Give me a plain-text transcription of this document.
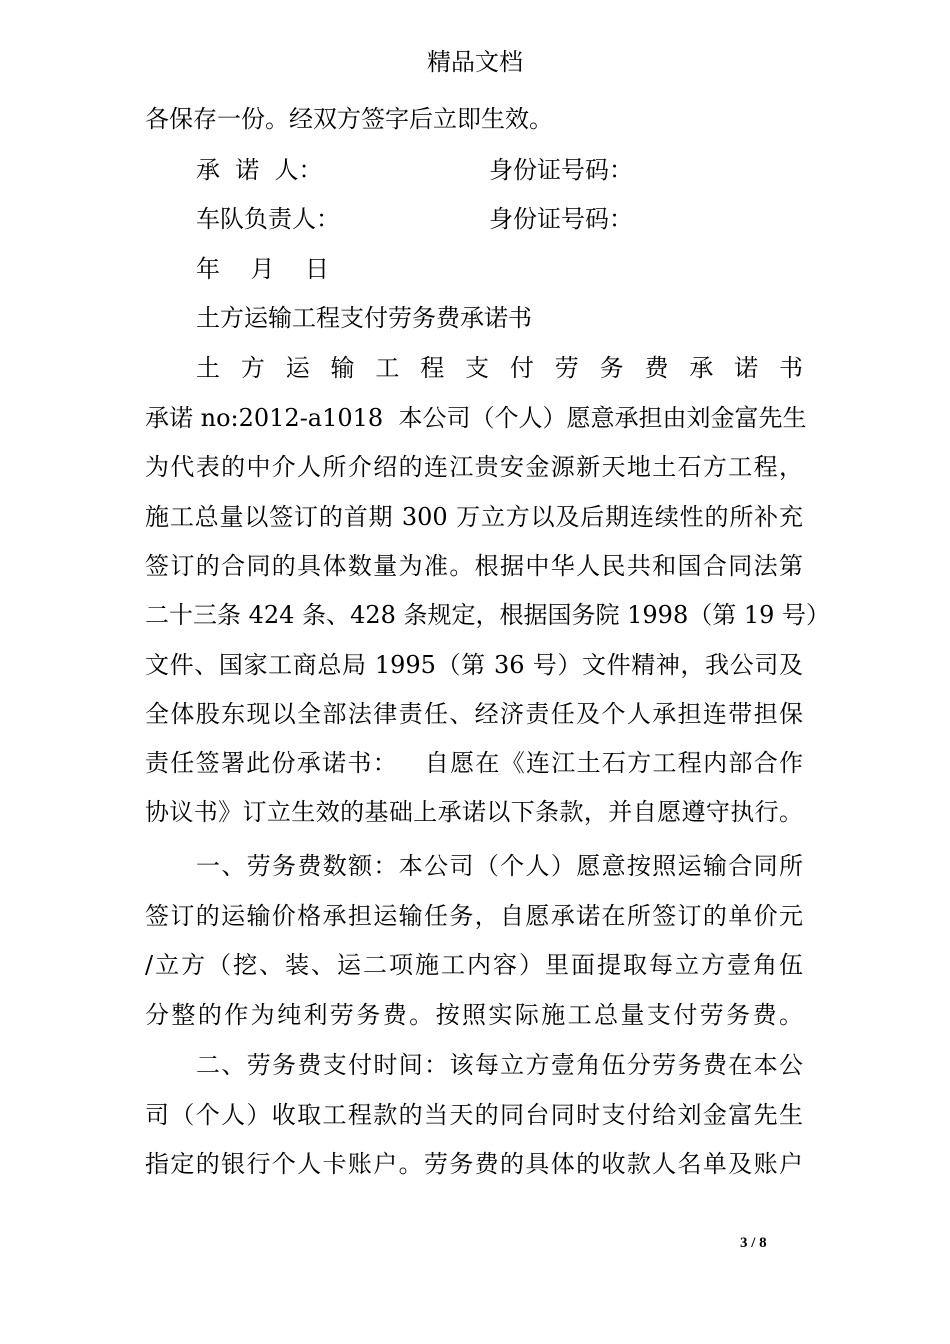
精品文档
各保存一份。经双方签字后立即生效。
承  诺  人：	身份证号码：
车队负责人：	身份证号码：
年    月    日
土方运输工程支付劳务费承诺书
土 方 运 输 工 程 支 付 劳 务 费 承 诺 书
承诺 no:2012-a1018  本公司（个人）愿意承担由刘金富先生
为代表的中介人所介绍的连江贵安金源新天地土石方工程，
施工总量以签订的首期 300 万立方以及后期连续性的所补充
签订的合同的具体数量为准。根据中华人民共和国合同法第
二十三条 424 条、428 条规定，根据国务院 1998（第 19 号）
文件、国家工商总局 1995（第 36 号）文件精神，我公司及
全体股东现以全部法律责任、经济责任及个人承担连带担保
责任签署此份承诺书：   自愿在《连江土石方工程内部合作
协议书》订立生效的基础上承诺以下条款，并自愿遵守执行。
一、劳务费数额：本公司（个人）愿意按照运输合同所
签订的运输价格承担运输任务，自愿承诺在所签订的单价元
/立方（挖、装、运二项施工内容）里面提取每立方壹角伍
分整的作为纯利劳务费。按照实际施工总量支付劳务费。
二、劳务费支付时间：该每立方壹角伍分劳务费在本公
司（个人）收取工程款的当天的同台同时支付给刘金富先生
指定的银行个人卡账户。劳务费的具体的收款人名单及账户
3 / 8
